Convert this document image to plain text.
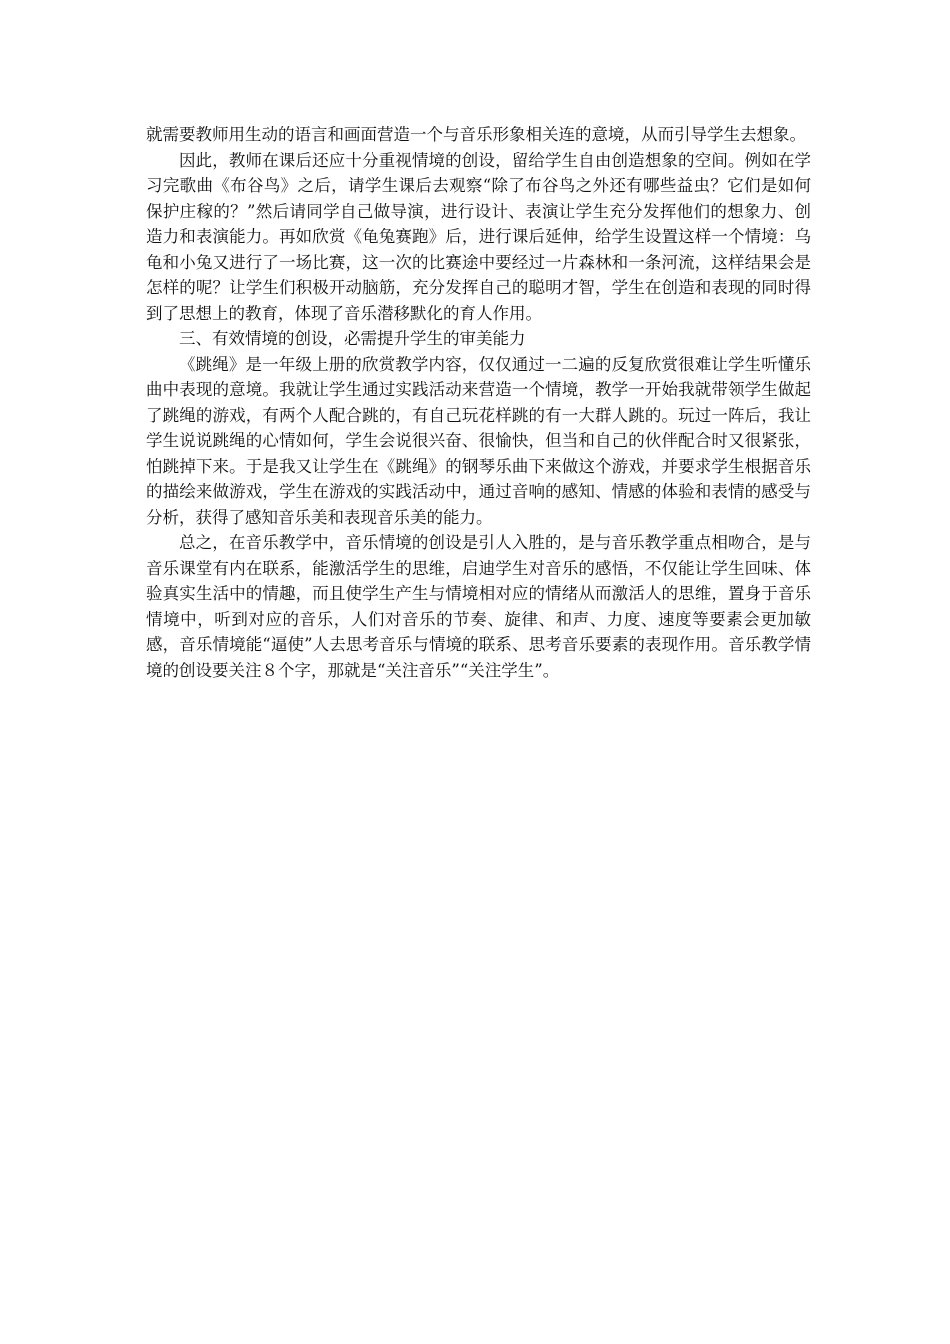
就需要教师用生动的语言和画面营造一个与音乐形象相关连的意境，从而引导学生去想象。

因此，教师在课后还应十分重视情境的创设，留给学生自由创造想象的空间。例如在学习完歌曲《布谷鸟》之后，请学生课后去观察“除了布谷鸟之外还有哪些益虫？它们是如何保护庄稼的？”然后请同学自己做导演，进行设计、表演让学生充分发挥他们的想象力、创造力和表演能力。再如欣赏《龟兔赛跑》后，进行课后延伸，给学生设置这样一个情境：乌龟和小兔又进行了一场比赛，这一次的比赛途中要经过一片森林和一条河流，这样结果会是怎样的呢？让学生们积极开动脑筋，充分发挥自己的聪明才智，学生在创造和表现的同时得到了思想上的教育，体现了音乐潜移默化的育人作用。

三、有效情境的创设，必需提升学生的审美能力

《跳绳》是一年级上册的欣赏教学内容，仅仅通过一二遍的反复欣赏很难让学生听懂乐曲中表现的意境。我就让学生通过实践活动来营造一个情境，教学一开始我就带领学生做起了跳绳的游戏，有两个人配合跳的，有自己玩花样跳的有一大群人跳的。玩过一阵后，我让学生说说跳绳的心情如何，学生会说很兴奋、很愉快，但当和自己的伙伴配合时又很紧张，怕跳掉下来。于是我又让学生在《跳绳》的钢琴乐曲下来做这个游戏，并要求学生根据音乐的描绘来做游戏，学生在游戏的实践活动中，通过音响的感知、情感的体验和表情的感受与分析，获得了感知音乐美和表现音乐美的能力。

总之，在音乐教学中，音乐情境的创设是引人入胜的，是与音乐教学重点相吻合，是与音乐课堂有内在联系，能激活学生的思维，启迪学生对音乐的感悟，不仅能让学生回味、体验真实生活中的情趣，而且使学生产生与情境相对应的情绪从而激活人的思维，置身于音乐情境中，听到对应的音乐，人们对音乐的节奏、旋律、和声、力度、速度等要素会更加敏感，音乐情境能“逼使”人去思考音乐与情境的联系、思考音乐要素的表现作用。音乐教学情境的创设要关注８个字，那就是“关注音乐”“关注学生”。
